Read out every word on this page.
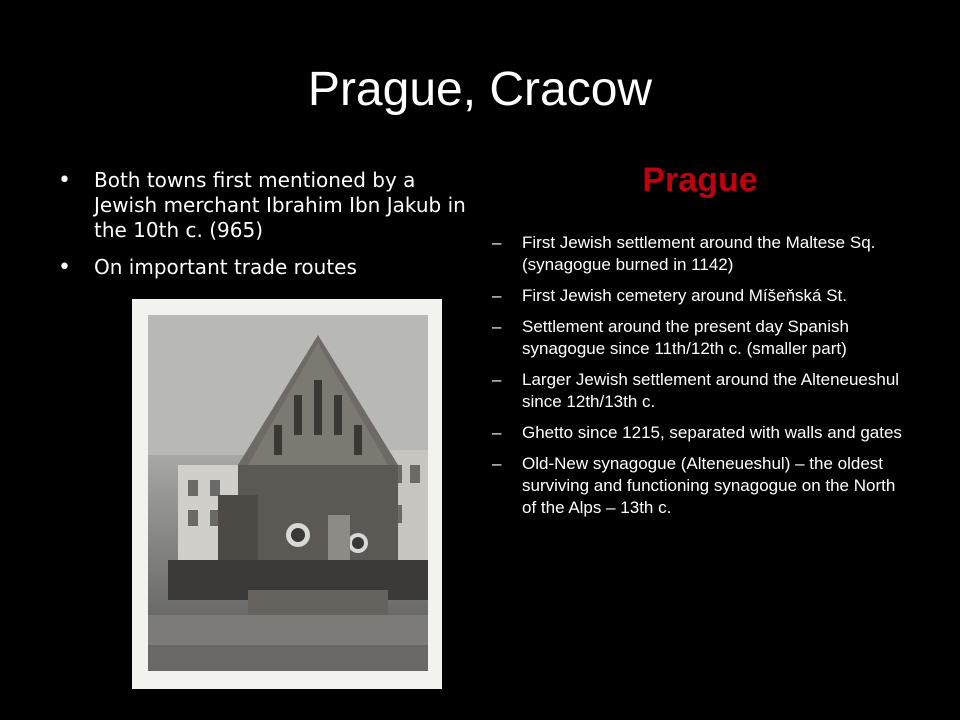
Prague, Cracow
• Both towns first mentioned by a Jewish merchant Ibrahim Ibn Jakub in the 10th c. (965)
• On important trade routes
Prague
– First Jewish settlement around the Maltese Sq. (synagogue burned in 1142)
– First Jewish cemetery around Míšeňská St.
– Settlement around the present day Spanish synagogue since 11th/12th c. (smaller part)
– Larger Jewish settlement around the Alteneueshul since 12th/13th c.
– Ghetto since 1215, separated with walls and gates
– Old-New synagogue (Alteneueshul) – the oldest surviving and functioning synagogue on the North of the Alps – 13th c.
